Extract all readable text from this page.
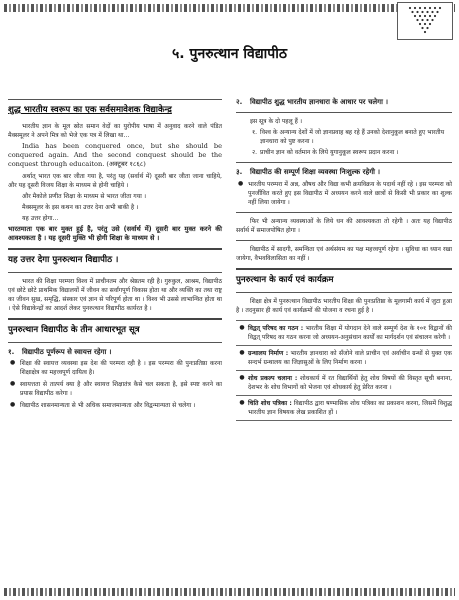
५. पुनरुत्थान विद्यापीठ
शुद्ध भारतीय स्वरूप का एक सर्वसमावेशक विद्याकेन्द्र

भारतीय ज्ञान के मूल स्रोत समान वेदों का युरोपीय भाषा में अनुवाद करने वाले पंडित मैक्समूलर ने अपने मित्र को भेजे एक पत्र में लिखा था...

India has been conquered once, but she should be conquered again. And the second conquest should be the conquest through educaiton. (अक्टूबर १८६८)

अर्थात् भारत एक बार जीता गया है, परंतु यह (सर्वार्थ में) दूसरी बार जीता जाना चाहिये, और यह दूसरी विजय शिक्षा के माध्यम से होनी चाहिये ।

और मैकोले प्रणीत शिक्षा के माध्यम से भारत जीता गया ।

मैक्समूलर के इस कथन का उत्तर देना अभी बाकी है ।

यह उत्तर होगा...

भारतमाता एक बार मुक्त हुई है, परंतु उसे (सर्वार्थ में) दूसरी बार मुक्त करने की आवश्यकता है । यह दूसरी मुक्ति भी होगी शिक्षा के माध्यम से ।

यह उत्तर देगा पुनरुत्थान विद्यापीठ ।

भारत की शिक्षा परम्परा विश्व में प्राचीनतम और श्रेष्ठतम रही है। गुरुकुल, आश्रम, विद्यापीठ एवं छोटे छोटे प्राथमिक विद्यालयों में जीवन का सर्वांगपूर्ण विकास होता था और व्यक्ति का तथा राष्ट्र का जीवन सुख, समृद्धि, संस्कार एवं ज्ञान से परिपूर्ण होता था । विश्व भी उससे लाभान्वित होता था । ऐसे विद्याकेन्द्रों का आदर्श लेकर पुनरुत्थान विद्यापीठ कार्यरत है ।

पुनरुत्थान विद्यापीठ के तीन आधारभूत सूत्र
१.	विद्यापीठ पूर्णरूप से स्वायत्त रहेगा ।
● शिक्षा की स्वायत्त व्यवस्था इस देश की परम्परा रही है । इस परम्परा की पुनःप्रतिष्ठा करना शिक्षाक्षेत्र का महत्त्वपूर्ण दायित्व है।
● स्वायत्तता से तात्पर्य क्या है और स्वायत्त शिक्षातंत्र कैसे चल सकता है, इसे स्पष्ट करने का प्रयास विद्यापीठ करेगा ।
● विद्यापीठ शासनमान्यता से भी अधिक समाजमान्यता और विद्वन्मान्यता से चलेगा ।
२.	विद्यापीठ शुद्ध भारतीय ज्ञानधारा के आधार पर चलेगा ।

इस सूत्र के दो पहलू हैं ।

१. विश्व के अन्यान्य देशों में जो ज्ञानप्रवाह बह रहे हैं उनको देशानुकूल बनाते हुए भारतीय ज्ञानधारा को पुष्ट करना ।
२. प्राचीन ज्ञान को वर्तमान के लिये युगानुकूल स्वरूप प्रदान करना ।
३.	विद्यापीठ की सम्पूर्ण शिक्षा व्यवस्था निःशुल्क रहेगी ।
● भारतीय परम्परा में अन्न, औषध और विद्या कभी क्रयविक्रय के पदार्थ नहीं रहे । इस परम्परा को पुनर्जीवित करते हुए इस विद्यापीठ में अध्ययन करने वाले छात्रों से किसी भी प्रकार का शुल्क नहीं लिया जायेगा ।

फिर भी अन्यान्य व्यवस्थाओं के लिये धन की आवश्यकता तो रहेगी । अतः यह विद्यापीठ सर्वार्थ में समाजपोषित होगा ।

विद्यापीठ में सादगी, समन्विता एवं अर्थसंयम का पक्ष महत्त्वपूर्ण रहेगा । सुविधा का ध्यान रखा जायेगा, वैभवविलासिता का नहीं ।

पुनरुत्थान के कार्य एवं कार्यक्रम

शिक्षा क्षेत्र में पुनरुत्थान विद्यापीठ भारतीय शिक्षा की पुनःप्रतिष्ठा के मूलगामी कार्य में जुटा हुआ है । तदनुसार ही कार्य एवं कार्यक्रमों की योजना व रचना हुई है ।

● विद्वत् परिषद का गठन : भारतीय शिक्षा में योगदान देने वाले सम्पूर्ण देश के १०१ विद्वानों की विद्वत् परिषद का गठन करना जो अध्ययन-अनुसंधान कार्यों का मार्गदर्शन एवं संचालन करेगी ।
● ग्रन्थालय निर्माण : भारतीय ज्ञानधारा को सँजोने वाले प्राचीन एवं अर्वाचीन ग्रन्थों से युक्त एक सन्दर्भ ग्रन्थालय का जिज्ञासुओं के लिए निर्माण करना ।
● शोध प्रकल्प चलाना : शोधकार्य में रत विद्यार्थियों हेतु शोध विषयों की विस्तृत सूची बनाना, देशभर के शोध विभागों को भेजना एवं शोधकार्य हेतु प्रेरित करना ।
● चिति शोध पत्रिका : विद्यापीठ द्वारा षण्मासिक शोध पत्रिका का प्रकाशन करना, जिसमें विशुद्ध भारतीय ज्ञान विषयक लेख प्रकाशित हों ।
